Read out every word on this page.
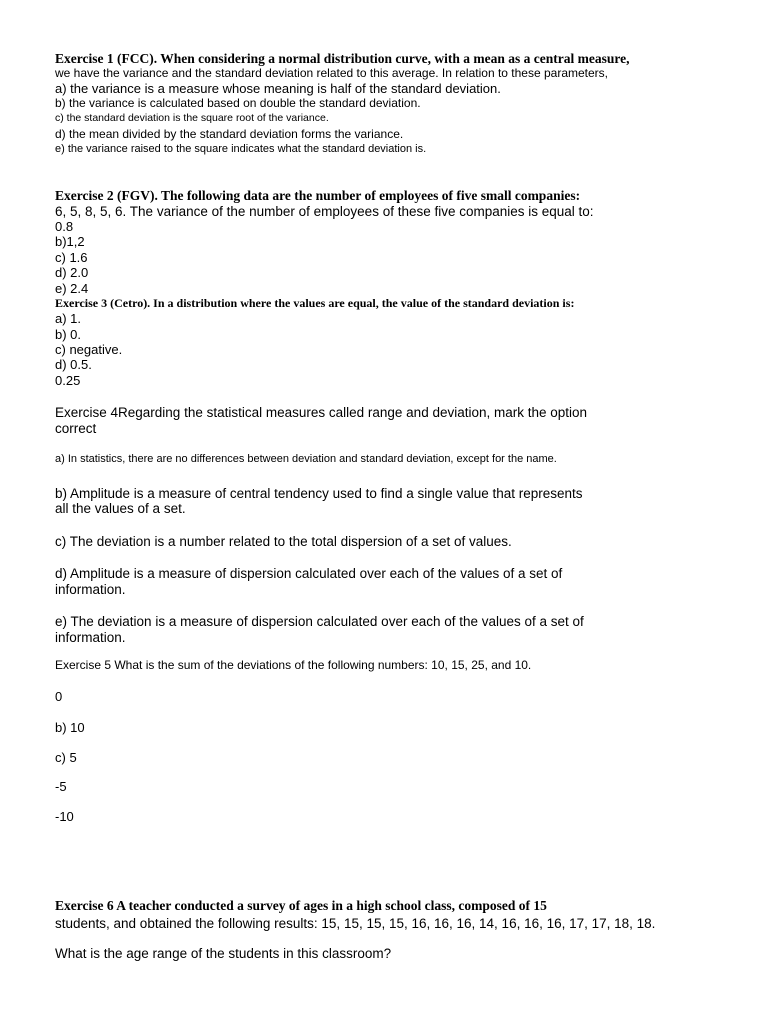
Exercise 1 (FCC). When considering a normal distribution curve, with a mean as a central measure,
we have the variance and the standard deviation related to this average. In relation to these parameters,
a) the variance is a measure whose meaning is half of the standard deviation.
b) the variance is calculated based on double the standard deviation.
c) the standard deviation is the square root of the variance.
d) the mean divided by the standard deviation forms the variance.
e) the variance raised to the square indicates what the standard deviation is.
Exercise 2 (FGV). The following data are the number of employees of five small companies:
6, 5, 8, 5, 6. The variance of the number of employees of these five companies is equal to:
0.8
b)1,2
c) 1.6
d) 2.0
e) 2.4
Exercise 3 (Cetro). In a distribution where the values are equal, the value of the standard deviation is:
a) 1.
b) 0.
c) negative.
d) 0.5.
0.25
Exercise 4Regarding the statistical measures called range and deviation, mark the option
correct
a) In statistics, there are no differences between deviation and standard deviation, except for the name.
b) Amplitude is a measure of central tendency used to find a single value that represents
all the values of a set.
c) The deviation is a number related to the total dispersion of a set of values.
d) Amplitude is a measure of dispersion calculated over each of the values of a set of
information.
e) The deviation is a measure of dispersion calculated over each of the values of a set of
information.
Exercise 5 What is the sum of the deviations of the following numbers: 10, 15, 25, and 10.
0
b) 10
c) 5
-5
-10
Exercise 6 A teacher conducted a survey of ages in a high school class, composed of 15
students, and obtained the following results: 15, 15, 15, 15, 16, 16, 16, 14, 16, 16, 16, 17, 17, 18, 18.
What is the age range of the students in this classroom?
